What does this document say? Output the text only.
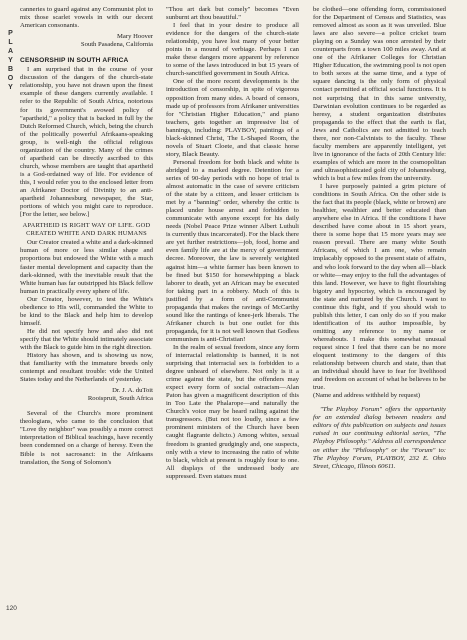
PLAYBOY

canneries to guard against any Communist plot to mix those scarlet vowels in with our decent American consonants.

Mary Hoover
South Pasadena, California
CENSORSHIP IN SOUTH AFRICA

I am surprised that in the course of your discussion of the dangers of the church-state relationship, you have not drawn upon the finest example of these dangers currently available. I refer to the Republic of South Africa, notorious for its government's avowed policy of "apartheid," a policy that is backed in full by the Dutch Reformed Church, which, being the church of the politically powerful Afrikaans-speaking group, is well-nigh the official religious organization of the country. Many of the crimes of apartheid can be directly ascribed to this church, whose members are taught that apartheid is a God-ordained way of life. For evidence of this, I would refer you to the enclosed letter from an Afrikaner Doctor of Divinity to an anti-apartheid Johannesburg newspaper, the Star, portions of which you might care to reproduce. [For the letter, see below.]

APARTHEID IS RIGHT WAY OF LIFE. GOD CREATED WHITE AND DARK HUMANS

Our Creator created a white and a dark-skinned human of more or less similar shape and proportions but endowed the White with a much faster mental development and capacity than the dark-skinned, with the inevitable result that the White human has far outstripped his Black fellow human in practically every sphere of life.

Our Creator, however, to test the White's obedience to His will, commanded the White to be kind to the Black and help him to develop himself.

He did not specify how and also did not specify that the White should intimately associate with the Black to guide him in the right direction.

History has shown, and is showing us now, that familiarity with the immature breeds only contempt and resultant trouble: vide the United States today and the Netherlands of yesterday.

Dr. J. A. duToit
Rooispruit, South Africa

Several of the Church's more prominent theologians, who came to the conclusion that "Love thy neighbor" was possibly a more correct interpretation of Biblical teachings, have recently been condemned on a charge of heresy. Even the Bible is not sacrosanct: in the Afrikaans translation, the Song of Solomon's

"Thou art dark but comely" becomes "Even sunburnt art thou beautiful."

I feel that in your desire to produce all evidence for the dangers of the church-state relationship, you have lost many of your better points in a mound of verbiage. Perhaps I can make these dangers more apparent by reference to some of the laws introduced in but 15 years of church-sanctified government in South Africa.

One of the more recent developments is the introduction of censorship, in spite of vigorous opposition from many sides. A board of censors, made up of professors from Afrikaner universities for "Christian Higher Education," and piano teachers, gets together an impressive list of bannings, including: PLAYBOY, paintings of a black-skinned Christ, The L-Shaped Room, the novels of Stuart Cloete, and that classic horse story, Black Beauty.

Personal freedom for both black and white is abridged to a marked degree. Detention for a series of 90-day periods with no hope of trial is almost automatic in the case of severe criticism of the state by a citizen, and lesser criticism is met by a "banning" order, whereby the critic is placed under house arrest and forbidden to communicate with anyone except for his daily needs (Nobel Peace Prize winner Albert Luthuli is currently thus incarcerated). For the black there are yet further restrictions—job, food, home and even family life are at the mercy of government decree. Moreover, the law is severely weighted against him—a white farmer has been known to be fined but $150 for horsewhipping a black laborer to death, yet an African may be executed for taking part in a robbery. Much of this is justified by a form of anti-Communist propaganda that makes the ravings of McCarthy sound like the rantings of knee-jerk liberals. The Afrikaner church is but one outlet for this propaganda, for it is not well known that Godless communism is anti-Christian!

In the realm of sexual freedom, since any form of interracial relationship is banned, it is not surprising that interracial sex is forbidden to a degree unheard of elsewhere. Not only is it a crime against the state, but the offenders may expect every form of social ostracism—Alan Paton has given a magnificent description of this in Too Late the Phalarope—and naturally the Church's voice may be heard railing against the transgressors. (But not too loudly, since a few prominent ministers of the Church have been caught flagrante delicto.) Among whites, sexual freedom is granted grudgingly and, one suspects, only with a view to increasing the ratio of white to black, which at present is roughly four to one. All displays of the undressed body are suppressed. Even statues must

be clothed—one offending form, commissioned for the Department of Census and Statistics, was removed almost as soon as it was unveiled. Blue laws are also severe—a police cricket team playing on a Sunday was once arrested by their counterparts from a town 100 miles away. And at one of the Afrikaner Colleges for Christian Higher Education, the swimming pool is not open to both sexes at the same time, and a type of square dancing is the only form of physical contact permitted at official social functions. It is not surprising that in this same university, Darwinian evolution continues to be regarded as heresy, a student organization distributes propaganda to the effect that the earth is flat, Jews and Catholics are not admitted to teach there, nor non-Calvinists to the faculty. These faculty members are apparently intelligent, yet live in ignorance of the facts of 20th Century life: examples of which are more in the cosmopolitan and ultrasophisticated gold city of Johannesburg, which is but a few miles from the university.

I have purposely painted a grim picture of conditions in South Africa. On the other side is the fact that its people (black, white or brown) are healthier, wealthier and better educated than anywhere else in Africa. If the conditions I have described have come about in 15 short years, there is some hope that 15 more years may see reason prevail. There are many white South Africans, of which I am one, who remain implacably opposed to the present state of affairs, and who look forward to the day when all—black or white—may enjoy to the full the advantages of this land. However, we have to fight flourishing bigotry and hypocrisy, which is encouraged by the state and nurtured by the Church. I want to continue this fight, and if you should wish to publish this letter, I can only do so if you make identification of its author impossible, by omitting any reference to my name or whereabouts. I make this somewhat unusual request since I feel that there can be no more eloquent testimony to the dangers of this relationship between church and state, than that an individual should have to fear for livelihood and freedom on account of what he believes to be true.

(Name and address withheld by request)

"The Playboy Forum" offers the opportunity for an extended dialog between readers and editors of this publication on subjects and issues raised in our continuing editorial series, "The Playboy Philosophy." Address all correspondence on either the "Philosophy" or the "Forum" to: The Playboy Forum, PLAYBOY, 232 E. Ohio Street, Chicago, Illinois 60611.

120
